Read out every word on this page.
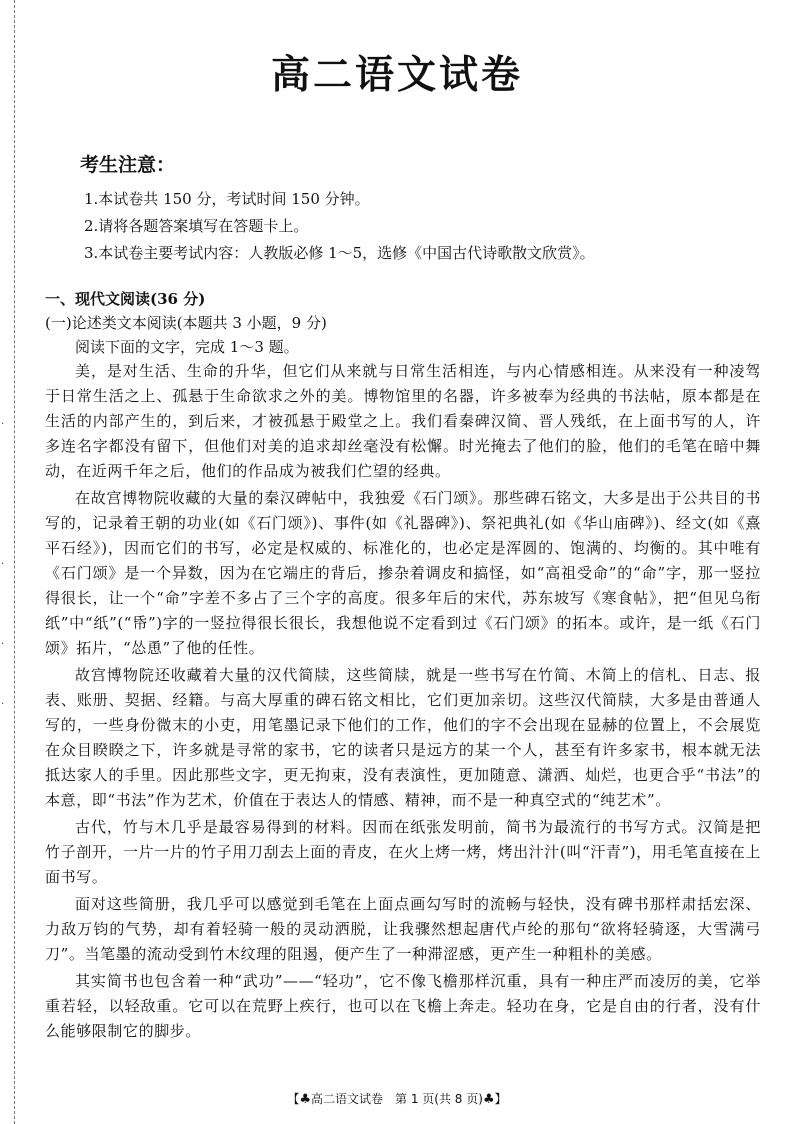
·
·
·
·
高二语文试卷

考生注意：

1.本试卷共 150 分，考试时间 150 分钟。

2.请将各题答案填写在答题卡上。

3.本试卷主要考试内容：人教版必修 1～5，选修《中国古代诗歌散文欣赏》。

一、现代文阅读(36 分)

(一)论述类文本阅读(本题共 3 小题，9 分)

阅读下面的文字，完成 1～3 题。

美，是对生活、生命的升华，但它们从来就与日常生活相连，与内心情感相连。从来没有一种凌驾于日常生活之上、孤悬于生命欲求之外的美。博物馆里的名器，许多被奉为经典的书法帖，原本都是在生活的内部产生的，到后来，才被孤悬于殿堂之上。我们看秦碑汉简、晋人残纸，在上面书写的人，许多连名字都没有留下，但他们对美的追求却丝毫没有松懈。时光掩去了他们的脸，他们的毛笔在暗中舞动，在近两千年之后，他们的作品成为被我们伫望的经典。

在故宫博物院收藏的大量的秦汉碑帖中，我独爱《石门颂》。那些碑石铭文，大多是出于公共目的书写的，记录着王朝的功业(如《石门颂》)、事件(如《礼器碑》)、祭祀典礼(如《华山庙碑》)、经文(如《熹平石经》)，因而它们的书写，必定是权威的、标准化的，也必定是浑圆的、饱满的、均衡的。其中唯有《石门颂》是一个异数，因为在它端庄的背后，掺杂着调皮和搞怪，如“高祖受命”的“命”字，那一竖拉得很长，让一个“命”字差不多占了三个字的高度。很多年后的宋代，苏东坡写《寒食帖》，把“但见乌衔纸”中“纸”(“帋”)字的一竖拉得很长很长，我想他说不定看到过《石门颂》的拓本。或许，是一纸《石门颂》拓片，“怂恿”了他的任性。

故宫博物院还收藏着大量的汉代简牍，这些简牍，就是一些书写在竹简、木简上的信札、日志、报表、账册、契据、经籍。与高大厚重的碑石铭文相比，它们更加亲切。这些汉代简牍，大多是由普通人写的，一些身份微末的小吏，用笔墨记录下他们的工作，他们的字不会出现在显赫的位置上，不会展览在众目睽睽之下，许多就是寻常的家书，它的读者只是远方的某一个人，甚至有许多家书，根本就无法抵达家人的手里。因此那些文字，更无拘束，没有表演性，更加随意、潇洒、灿烂，也更合乎“书法”的本意，即“书法”作为艺术，价值在于表达人的情感、精神，而不是一种真空式的“纯艺术”。

古代，竹与木几乎是最容易得到的材料。因而在纸张发明前，简书为最流行的书写方式。汉简是把竹子剖开，一片一片的竹子用刀刮去上面的青皮，在火上烤一烤，烤出汁汁(叫“汗青”)，用毛笔直接在上面书写。

面对这些简册，我几乎可以感觉到毛笔在上面点画勾写时的流畅与轻快，没有碑书那样肃括宏深、力敌万钧的气势，却有着轻骑一般的灵动洒脱，让我骤然想起唐代卢纶的那句“欲将轻骑逐，大雪满弓刀”。当笔墨的流动受到竹木纹理的阻遏，便产生了一种滞涩感，更产生一种粗朴的美感。

其实简书也包含着一种“武功”——“轻功”，它不像飞檐那样沉重，具有一种庄严而凌厉的美，它举重若轻，以轻敌重。它可以在荒野上疾行，也可以在飞檐上奔走。轻功在身，它是自由的行者，没有什么能够限制它的脚步。

【♣高二语文试卷　第 1 页(共 8 页)♣】
